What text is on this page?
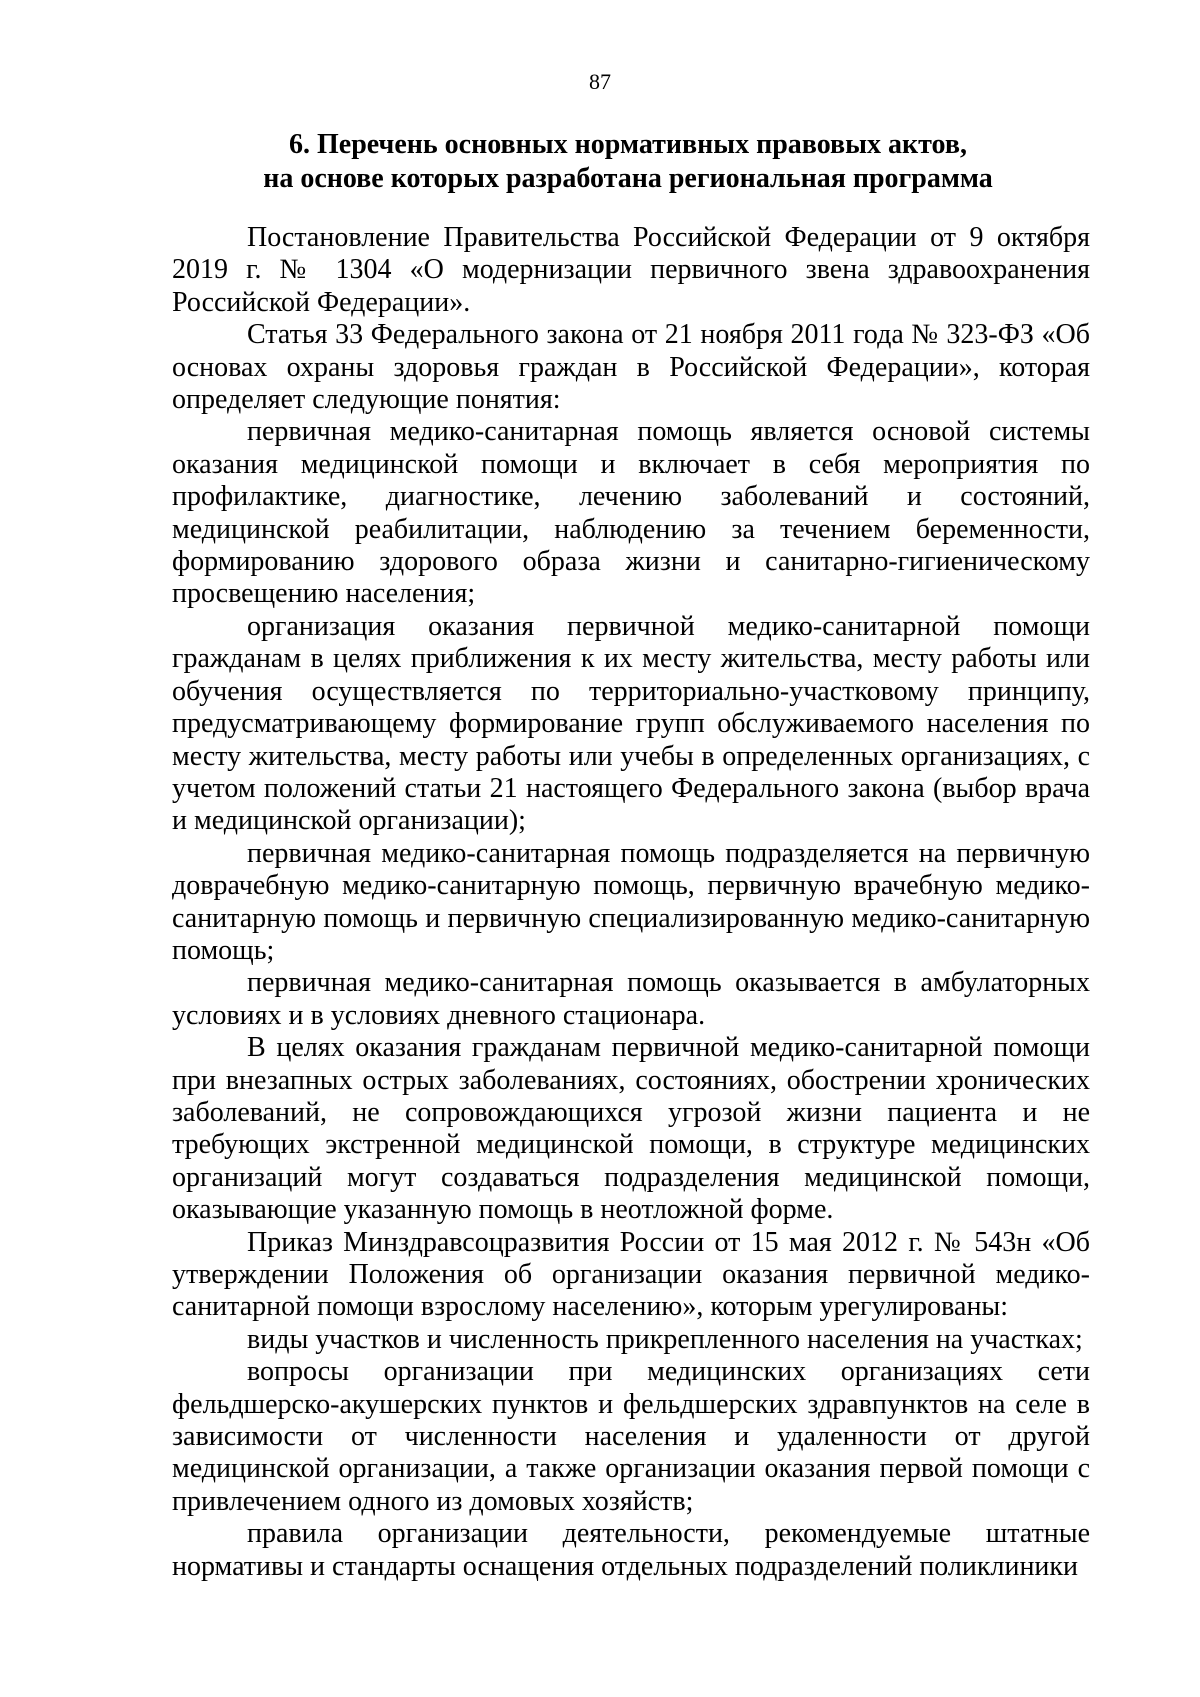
87
6. Перечень основных нормативных правовых актов,
на основе которых разработана региональная программа

Постановление Правительства Российской Федерации от 9 октября 2019 г. № 1304 «О модернизации первичного звена здравоохранения Российской Федерации».

Статья 33 Федерального закона от 21 ноября 2011 года № 323-ФЗ «Об основах охраны здоровья граждан в Российской Федерации», которая определяет следующие понятия:

первичная медико-санитарная помощь является основой системы оказания медицинской помощи и включает в себя мероприятия по профилактике, диагностике, лечению заболеваний и состояний, медицинской реабилитации, наблюдению за течением беременности, формированию здорового образа жизни и санитарно-гигиеническому просвещению населения;

организация оказания первичной медико-санитарной помощи гражданам в целях приближения к их месту жительства, месту работы или обучения осуществляется по территориально-участковому принципу, предусматривающему формирование групп обслуживаемого населения по месту жительства, месту работы или учебы в определенных организациях, с учетом положений статьи 21 настоящего Федерального закона (выбор врача и медицинской организации);

первичная медико-санитарная помощь подразделяется на первичную доврачебную медико-санитарную помощь, первичную врачебную медико-санитарную помощь и первичную специализированную медико-санитарную помощь;

первичная медико-санитарная помощь оказывается в амбулаторных условиях и в условиях дневного стационара.

В целях оказания гражданам первичной медико-санитарной помощи при внезапных острых заболеваниях, состояниях, обострении хронических заболеваний, не сопровождающихся угрозой жизни пациента и не требующих экстренной медицинской помощи, в структуре медицинских организаций могут создаваться подразделения медицинской помощи, оказывающие указанную помощь в неотложной форме.

Приказ Минздравсоцразвития России от 15 мая 2012 г. № 543н «Об утверждении Положения об организации оказания первичной медико-санитарной помощи взрослому населению», которым урегулированы:

виды участков и численность прикрепленного населения на участках;

вопросы организации при медицинских организациях сети фельдшерско-акушерских пунктов и фельдшерских здравпунктов на селе в зависимости от численности населения и удаленности от другой медицинской организации, а также организации оказания первой помощи с привлечением одного из домовых хозяйств;

правила организации деятельности, рекомендуемые штатные нормативы и стандарты оснащения отдельных подразделений поликлиники
